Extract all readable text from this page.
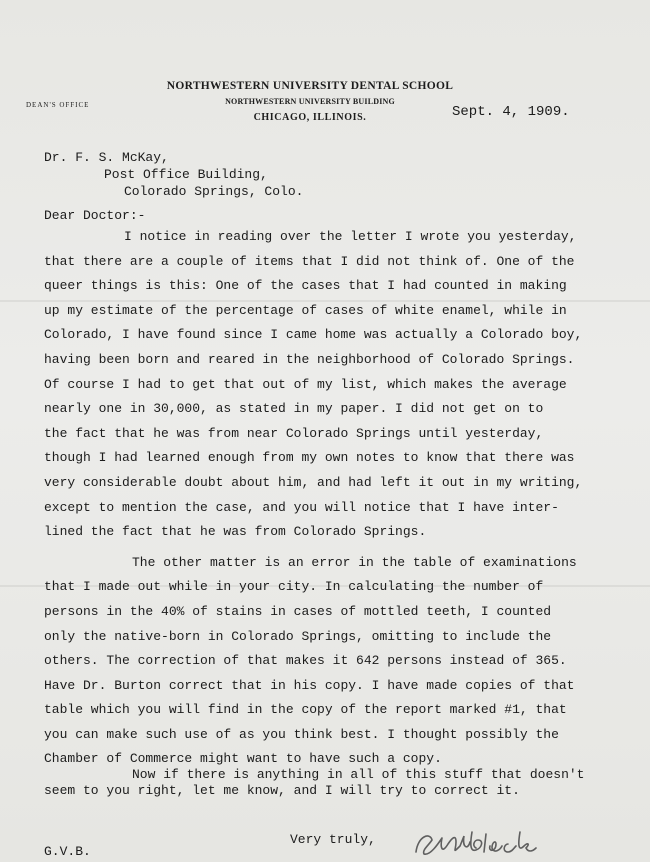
NORTHWESTERN UNIVERSITY DENTAL SCHOOL
NORTHWESTERN UNIVERSITY BUILDING
CHICAGO, ILLINOIS.
DEAN'S OFFICE	Sept. 4, 1909.
Dr. F. S. McKay,
Post Office Building,
Colorado Springs, Colo.
Dear Doctor:-
I notice in reading over the letter I wrote you yesterday,
that there are a couple of items that I did not think of. One of the
queer things is this: One of the cases that I had counted in making
up my estimate of the percentage of cases of white enamel, while in
Colorado, I have found since I came home was actually a Colorado boy,
having been born and reared in the neighborhood of Colorado Springs.
Of course I had to get that out of my list, which makes the average
nearly one in 30,000, as stated in my paper. I did not get on to
the fact that he was from near Colorado Springs until yesterday,
though I had learned enough from my own notes to know that there was
very considerable doubt about him, and had left it out in my writing,
except to mention the case, and you will notice that I have inter-
lined the fact that he was from Colorado Springs.
The other matter is an error in the table of examinations
that I made out while in your city. In calculating the number of
persons in the 40% of stains in cases of mottled teeth, I counted
only the native-born in Colorado Springs, omitting to include the
others. The correction of that makes it 642 persons instead of 365.
Have Dr. Burton correct that in his copy. I have made copies of that
table which you will find in the copy of the report marked #1, that
you can make such use of as you think best. I thought possibly the
Chamber of Commerce might want to have such a copy.
Now if there is anything in all of this stuff that doesn't
seem to you right, let me know, and I will try to correct it.
Very truly,
G.V.B.
